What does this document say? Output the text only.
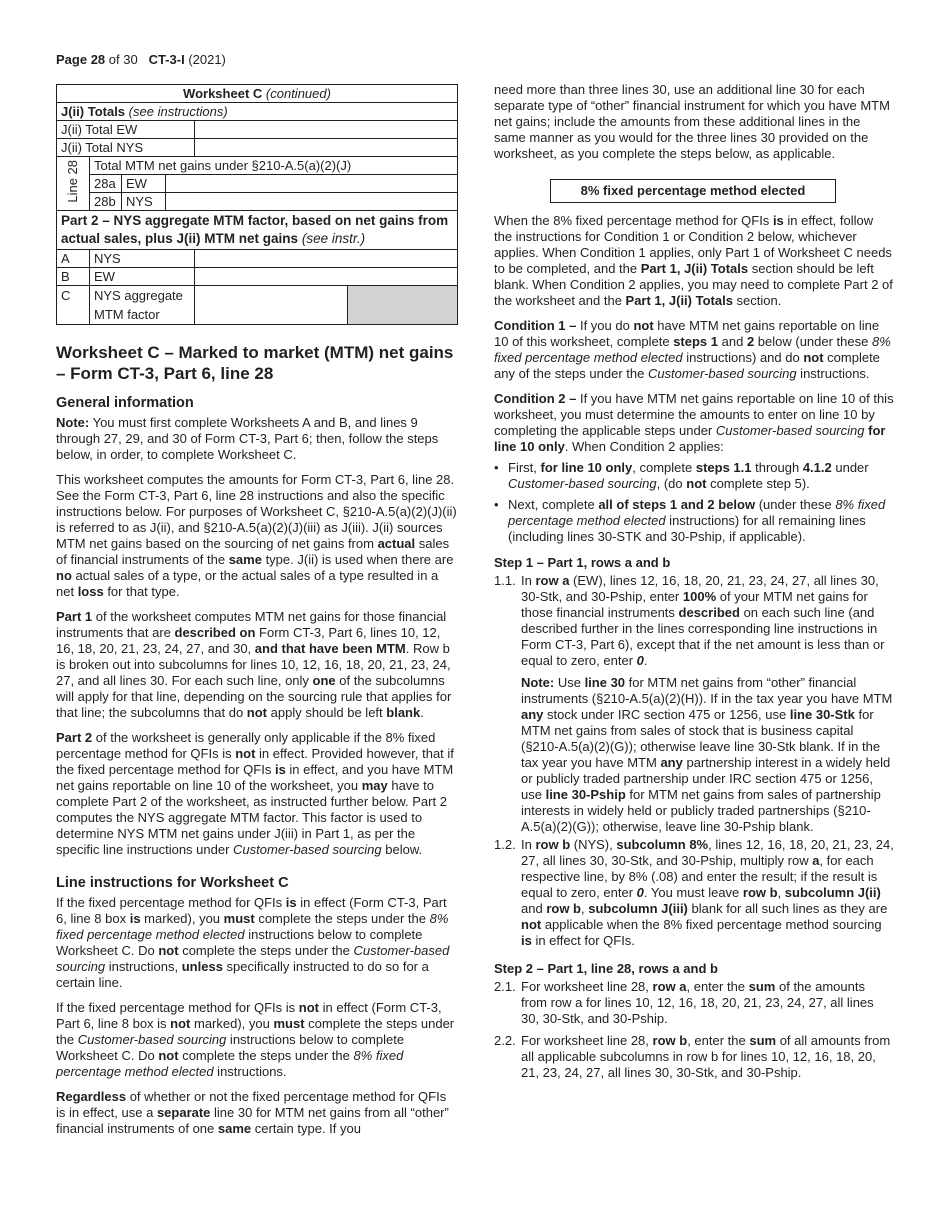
Page 28 of 30 CT-3-I (2021)
Worksheet C (continued)					
J(ii) Totals (see instructions)					
J(ii) Total EW					
J(ii) Total NYS					
Line 28	Total MTM net gains under §210-A.5(a)(2)(J)				
	28a	EW			
	28b	NYS			
Part 2 – NYS aggregate MTM factor, based on net gains from actual sales, plus J(ii) MTM net gains (see instr.)					
A	NYS				
B	EW				
C	NYS aggregate
MTM factor				
Worksheet C – Marked to market (MTM) net gains – Form CT-3, Part 6, line 28
General information

Note: You must first complete Worksheets A and B, and lines 9 through 27, 29, and 30 of Form CT-3, Part 6; then, follow the steps below, in order, to complete Worksheet C.

This worksheet computes the amounts for Form CT-3, Part 6, line 28. See the Form CT-3, Part 6, line 28 instructions and also the specific instructions below. For purposes of Worksheet C, §210-A.5(a)(2)(J)(ii) is referred to as J(ii), and §210-A.5(a)(2)(J)(iii) as J(iii). J(ii) sources MTM net gains based on the sourcing of net gains from actual sales of financial instruments of the same type. J(ii) is used when there are no actual sales of a type, or the actual sales of a type resulted in a net loss for that type.

Part 1 of the worksheet computes MTM net gains for those financial instruments that are described on Form CT-3, Part 6, lines 10, 12, 16, 18, 20, 21, 23, 24, 27, and 30, and that have been MTM. Row b is broken out into subcolumns for lines 10, 12, 16, 18, 20, 21, 23, 24, 27, and all lines 30. For each such line, only one of the subcolumns will apply for that line, depending on the sourcing rule that applies for that line; the subcolumns that do not apply should be left blank.

Part 2 of the worksheet is generally only applicable if the 8% fixed percentage method for QFIs is not in effect. Provided however, that if the fixed percentage method for QFIs is in effect, and you have MTM net gains reportable on line 10 of the worksheet, you may have to complete Part 2 of the worksheet, as instructed further below. Part 2 computes the NYS aggregate MTM factor. This factor is used to determine NYS MTM net gains under J(iii) in Part 1, as per the specific line instructions under Customer-based sourcing below.

Line instructions for Worksheet C

If the fixed percentage method for QFIs is in effect (Form CT-3, Part 6, line 8 box is marked), you must complete the steps under the 8% fixed percentage method elected instructions below to complete Worksheet C. Do not complete the steps under the Customer-based sourcing instructions, unless specifically instructed to do so for a certain line.

If the fixed percentage method for QFIs is not in effect (Form CT-3, Part 6, line 8 box is not marked), you must complete the steps under the Customer-based sourcing instructions below to complete Worksheet C. Do not complete the steps under the 8% fixed percentage method elected instructions.

Regardless of whether or not the fixed percentage method for QFIs is in effect, use a separate line 30 for MTM net gains from all “other” financial instruments of one same certain type. If you

need more than three lines 30, use an additional line 30 for each separate type of “other” financial instrument for which you have MTM net gains; include the amounts from these additional lines in the same manner as you would for the three lines 30 provided on the worksheet, as you complete the steps below, as applicable.

8% fixed percentage method elected

When the 8% fixed percentage method for QFIs is in effect, follow the instructions for Condition 1 or Condition 2 below, whichever applies. When Condition 1 applies, only Part 1 of Worksheet C needs to be completed, and the Part 1, J(ii) Totals section should be left blank. When Condition 2 applies, you may need to complete Part 2 of the worksheet and the Part 1, J(ii) Totals section.

Condition 1 – If you do not have MTM net gains reportable on line 10 of this worksheet, complete steps 1 and 2 below (under these 8% fixed percentage method elected instructions) and do not complete any of the steps under the Customer-based sourcing instructions.

Condition 2 – If you have MTM net gains reportable on line 10 of this worksheet, you must determine the amounts to enter on line 10 by completing the applicable steps under Customer-based sourcing for line 10 only. When Condition 2 applies:

• First, for line 10 only, complete steps 1.1 through 4.1.2 under Customer-based sourcing, (do not complete step 5).
• Next, complete all of steps 1 and 2 below (under these 8% fixed percentage method elected instructions) for all remaining lines (including lines 30-STK and 30-Pship, if applicable).
Step 1 – Part 1, rows a and b
1.1. In row a (EW), lines 12, 16, 18, 20, 21, 23, 24, 27, all lines 30, 30-Stk, and 30-Pship, enter 100% of your MTM net gains for those financial instruments described on each such line (and described further in the lines corresponding line instructions in Form CT-3, Part 6), except that if the net amount is less than or equal to zero, enter 0.

Note: Use line 30 for MTM net gains from “other” financial instruments (§210-A.5(a)(2)(H)). If in the tax year you have MTM any stock under IRC section 475 or 1256, use line 30-Stk for MTM net gains from sales of stock that is business capital (§210-A.5(a)(2)(G)); otherwise leave line 30-Stk blank. If in the tax year you have MTM any partnership interest in a widely held or publicly traded partnership under IRC section 475 or 1256, use line 30-Pship for MTM net gains from sales of partnership interests in widely held or publicly traded partnerships (§210-A.5(a)(2)(G)); otherwise, leave line 30-Pship blank.

1.2. In row b (NYS), subcolumn 8%, lines 12, 16, 18, 20, 21, 23, 24, 27, all lines 30, 30-Stk, and 30-Pship, multiply row a, for each respective line, by 8% (.08) and enter the result; if the result is equal to zero, enter 0. You must leave row b, subcolumn J(ii) and row b, subcolumn J(iii) blank for all such lines as they are not applicable when the 8% fixed percentage method sourcing is in effect for QFIs.
Step 2 – Part 1, line 28, rows a and b
2.1. For worksheet line 28, row a, enter the sum of the amounts from row a for lines 10, 12, 16, 18, 20, 21, 23, 24, 27, all lines 30, 30-Stk, and 30-Pship.
2.2. For worksheet line 28, row b, enter the sum of all amounts from all applicable subcolumns in row b for lines 10, 12, 16, 18, 20, 21, 23, 24, 27, all lines 30, 30-Stk, and 30-Pship.
